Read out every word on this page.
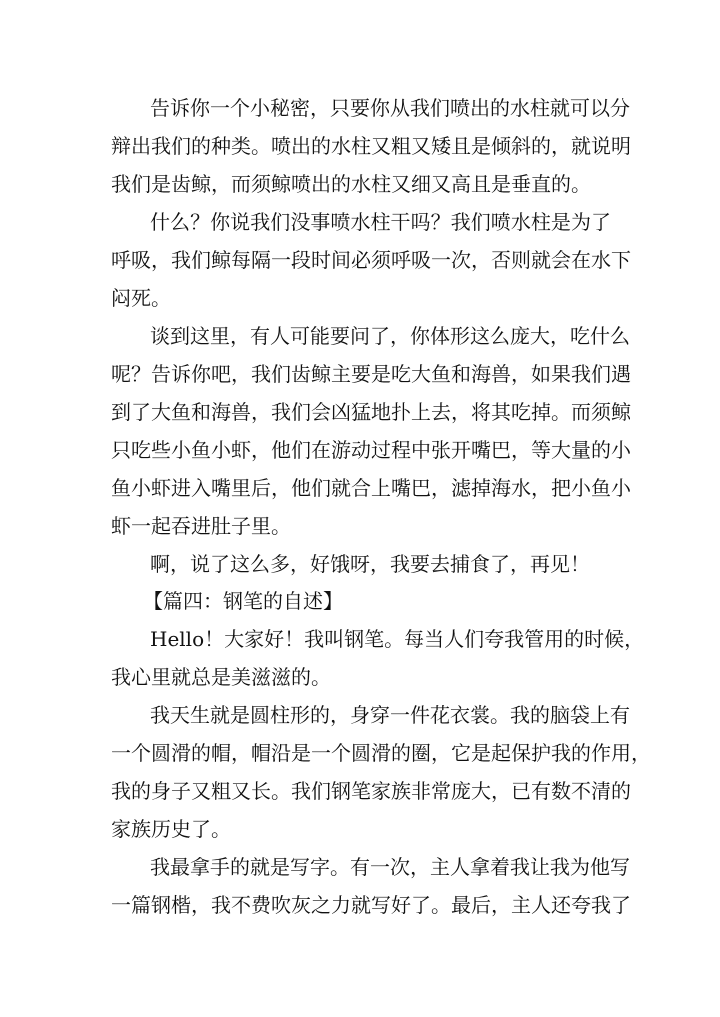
告诉你一个小秘密，只要你从我们喷出的水柱就可以分
辩出我们的种类。喷出的水柱又粗又矮且是倾斜的，就说明
我们是齿鲸，而须鲸喷出的水柱又细又高且是垂直的。
什么？你说我们没事喷水柱干吗？我们喷水柱是为了
呼吸，我们鲸每隔一段时间必须呼吸一次，否则就会在水下
闷死。
谈到这里，有人可能要问了，你体形这么庞大，吃什么
呢？告诉你吧，我们齿鲸主要是吃大鱼和海兽，如果我们遇
到了大鱼和海兽，我们会凶猛地扑上去，将其吃掉。而须鲸
只吃些小鱼小虾，他们在游动过程中张开嘴巴，等大量的小
鱼小虾进入嘴里后，他们就合上嘴巴，滤掉海水，把小鱼小
虾一起吞进肚子里。
啊，说了这么多，好饿呀，我要去捕食了，再见！
【篇四：钢笔的自述】
Hello！大家好！我叫钢笔。每当人们夸我管用的时候，
我心里就总是美滋滋的。
我天生就是圆柱形的，身穿一件花衣裳。我的脑袋上有
一个圆滑的帽，帽沿是一个圆滑的圈，它是起保护我的作用，
我的身子又粗又长。我们钢笔家族非常庞大，已有数不清的
家族历史了。
我最拿手的就是写字。有一次，主人拿着我让我为他写
一篇钢楷，我不费吹灰之力就写好了。最后，主人还夸我了
